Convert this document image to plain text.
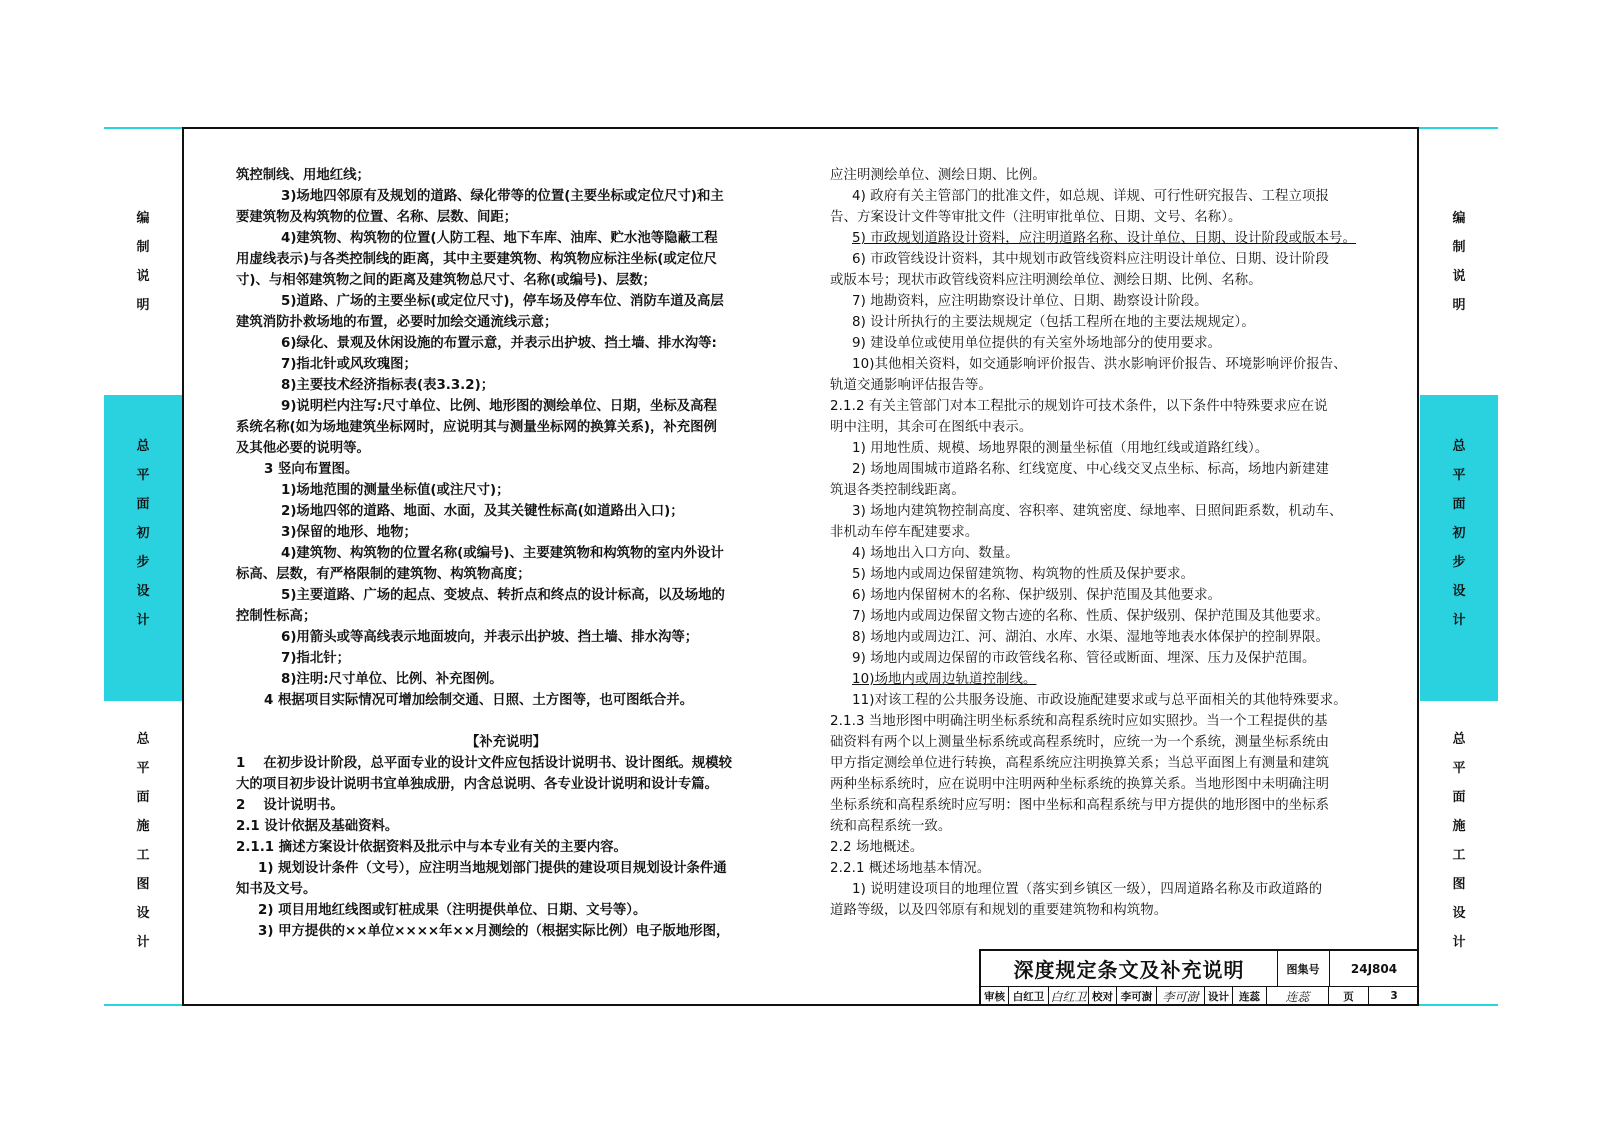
编
制
说
明
总
平
面
初
步
设
计
总
平
面
施
工
图
设
计
编
制
说
明
总
平
面
初
步
设
计
总
平
面
施
工
图
设
计

筑控制线、用地红线；

3)场地四邻原有及规划的道路、绿化带等的位置(主要坐标或定位尺寸)和主

要建筑物及构筑物的位置、名称、层数、间距；

4)建筑物、构筑物的位置(人防工程、地下车库、油库、贮水池等隐蔽工程

用虚线表示)与各类控制线的距离，其中主要建筑物、构筑物应标注坐标(或定位尺

寸)、与相邻建筑物之间的距离及建筑物总尺寸、名称(或编号)、层数；

5)道路、广场的主要坐标(或定位尺寸)，停车场及停车位、消防车道及高层

建筑消防扑救场地的布置，必要时加绘交通流线示意；

6)绿化、景观及休闲设施的布置示意，并表示出护坡、挡土墙、排水沟等:

7)指北针或风玫瑰图；

8)主要技术经济指标表(表3.3.2)；

9)说明栏内注写:尺寸单位、比例、地形图的测绘单位、日期，坐标及高程

系统名称(如为场地建筑坐标网时，应说明其与测量坐标网的换算关系)，补充图例

及其他必要的说明等。

3 竖向布置图。

1)场地范围的测量坐标值(或注尺寸)；

2)场地四邻的道路、地面、水面，及其关键性标高(如道路出入口)；

3)保留的地形、地物；

4)建筑物、构筑物的位置名称(或编号)、主要建筑物和构筑物的室内外设计

标高、层数，有严格限制的建筑物、构筑物高度；

5)主要道路、广场的起点、变坡点、转折点和终点的设计标高，以及场地的

控制性标高；

6)用箭头或等高线表示地面坡向，并表示出护坡、挡土墙、排水沟等；

7)指北针；

8)注明:尺寸单位、比例、补充图例。

4 根据项目实际情况可增加绘制交通、日照、土方图等，也可图纸合并。

【补充说明】

1　 在初步设计阶段，总平面专业的设计文件应包括设计说明书、设计图纸。规模较

大的项目初步设计说明书宜单独成册，内含总说明、各专业设计说明和设计专篇。

2　 设计说明书。

2.1 设计依据及基础资料。

2.1.1 摘述方案设计依据资料及批示中与本专业有关的主要内容。

1) 规划设计条件（文号），应注明当地规划部门提供的建设项目规划设计条件通

知书及文号。

2) 项目用地红线图或钉桩成果（注明提供单位、日期、文号等）。

3) 甲方提供的××单位××××年××月测绘的（根据实际比例）电子版地形图，

应注明测绘单位、测绘日期、比例。

4) 政府有关主管部门的批准文件，如总规、详规、可行性研究报告、工程立项报

告、方案设计文件等审批文件（注明审批单位、日期、文号、名称）。

5) 市政规划道路设计资料，应注明道路名称、设计单位、日期、设计阶段或版本号。

6) 市政管线设计资料，其中规划市政管线资料应注明设计单位、日期、设计阶段

或版本号；现状市政管线资料应注明测绘单位、测绘日期、比例、名称。

7) 地勘资料，应注明勘察设计单位、日期、勘察设计阶段。

8) 设计所执行的主要法规规定（包括工程所在地的主要法规规定）。

9) 建设单位或使用单位提供的有关室外场地部分的使用要求。

10)其他相关资料，如交通影响评价报告、洪水影响评价报告、环境影响评价报告、

轨道交通影响评估报告等。

2.1.2 有关主管部门对本工程批示的规划许可技术条件，以下条件中特殊要求应在说

明中注明，其余可在图纸中表示。

1) 用地性质、规模、场地界限的测量坐标值（用地红线或道路红线）。

2) 场地周围城市道路名称、红线宽度、中心线交叉点坐标、标高，场地内新建建

筑退各类控制线距离。

3) 场地内建筑物控制高度、容积率、建筑密度、绿地率、日照间距系数，机动车、

非机动车停车配建要求。

4) 场地出入口方向、数量。

5) 场地内或周边保留建筑物、构筑物的性质及保护要求。

6) 场地内保留树木的名称、保护级别、保护范围及其他要求。

7) 场地内或周边保留文物古迹的名称、性质、保护级别、保护范围及其他要求。

8) 场地内或周边江、河、湖泊、水库、水渠、湿地等地表水体保护的控制界限。

9) 场地内或周边保留的市政管线名称、管径或断面、埋深、压力及保护范围。

10)场地内或周边轨道控制线。

11)对该工程的公共服务设施、市政设施配建要求或与总平面相关的其他特殊要求。

2.1.3 当地形图中明确注明坐标系统和高程系统时应如实照抄。当一个工程提供的基

础资料有两个以上测量坐标系统或高程系统时，应统一为一个系统，测量坐标系统由

甲方指定测绘单位进行转换，高程系统应注明换算关系；当总平面图上有测量和建筑

两种坐标系统时，应在说明中注明两种坐标系统的换算关系。当地形图中未明确注明

坐标系统和高程系统时应写明：图中坐标和高程系统与甲方提供的地形图中的坐标系

统和高程系统一致。

2.2 场地概述。

2.2.1 概述场地基本情况。

1) 说明建设项目的地理位置（落实到乡镇区一级），四周道路名称及市政道路的

道路等级，以及四邻原有和规划的重要建筑物和构筑物。

深度规定条文及补充说明	图集号	24J804
审核 白红卫 白红卫 校对 李可澍 李可澍 设计 连蕊	连蕊	页	3
